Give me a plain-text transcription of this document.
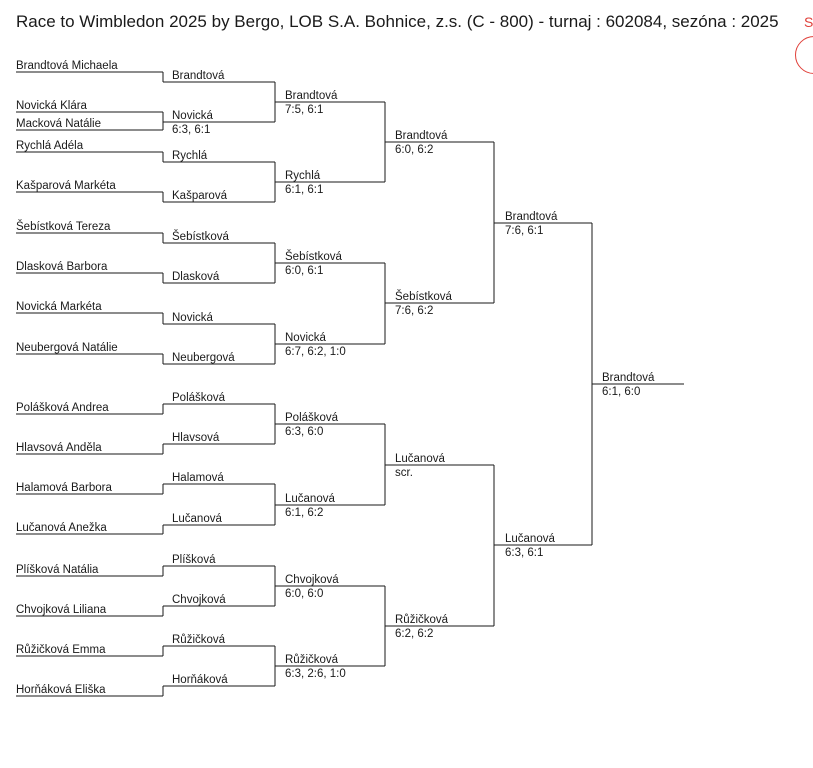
Race to Wimbledon 2025 by Bergo, LOB S.A. Bohnice, z.s. (C - 800) - turnaj : 602084, sezóna : 2025 S
Brandtová Michaela
Novická Klára
Macková Natálie
Rychlá Adéla
Kašparová Markéta
Šebístková Tereza
Dlasková Barbora
Novická Markéta
Neubergová Natálie
Polášková Andrea
Hlavsová Anděla
Halamová Barbora
Lučanová Anežka
Plíšková Natália
Chvojková Liliana
Růžičková Emma
Horňáková Eliška
Brandtová
Novická
6:3, 6:1
Rychlá
Kašparová
Šebístková
Dlasková
Novická
Neubergová
Polášková
Hlavsová
Halamová
Lučanová
Plíšková
Chvojková
Růžičková
Horňáková
Brandtová
7:5, 6:1
Rychlá
6:1, 6:1
Šebístková
6:0, 6:1
Novická
6:7, 6:2, 1:0
Polášková
6:3, 6:0
Lučanová
6:1, 6:2
Chvojková
6:0, 6:0
Růžičková
6:3, 2:6, 1:0
Brandtová
6:0, 6:2
Šebístková
7:6, 6:2
Lučanová
scr.
Růžičková
6:2, 6:2
Brandtová
7:6, 6:1
Lučanová
6:3, 6:1
Brandtová
6:1, 6:0
